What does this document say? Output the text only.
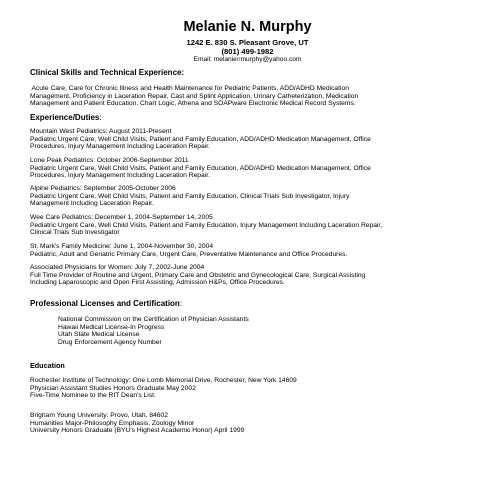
Melanie N. Murphy
1242 E. 830 S. Pleasant Grove, UT
(801) 499-1982
Email: melanienmurphy@yahoo.com
Clinical Skills and Technical Experience:
Acute Care, Care for Chronic Illness and Health Maintenance for Pediatric Patients, ADD/ADHD Medication
Management, Proficiency in Laceration Repair, Cast and Splint Application, Urinary Catheterization, Medication
Management and Patient Education. Chart Logic, Athena and SOAPware Electronic Medical Record Systems.
Experience/Duties:
Mountain West Pediatrics: August 2011-Present
Pediatric Urgent Care, Well Child Visits, Patient and Family Education, ADD/ADHD Medication Management, Office
Procedures, Injury Management Including Laceration Repair.
Lone Peak Pediatrics: October 2006-September 2011
Pediatric Urgent Care, Well Child Visits, Patient and Family Education, ADD/ADHD Medication Management, Office
Procedures, Injury Management Including Laceration Repair.
Alpine Pediatrics: September 2005-October 2006
Pediatric Urgent Care, Well Child Visits, Patient and Family Education, Clinical Trials Sub Investigator, Injury
Management Including Laceration Repair.
Wee Care Pediatrics: December 1, 2004-September 14, 2005
Pediatric Urgent Care, Well Child Visits, Patient and Family Education, Injury Management Including Laceration Repair,
Clinical Trials Sub Investigator
St. Mark's Family Medicine: June 1, 2004-November 30, 2004
Pediatric, Adult and Geriatric Primary Care, Urgent Care, Preventative Maintenance and Office Procedures.
Associated Physicians for Women: July 7, 2002-June 2004
Full Time Provider of Routine and Urgent, Primary Care and Obstetric and Gynecological Care, Surgical Assisting
Including Laparoscopic and Open First Assisting, Admission H&Ps, Office Procedures.
Professional Licenses and Certification:
National Commission on the Certification of Physician Assistants
Hawaii Medical License-In Progress
Utah State Medical License
Drug Enforcement Agency Number
Education
Rochester Institute of Technology: One Lomb Memorial Drive, Rochester, New York 14609
Physician Assistant Studies Honors Graduate May 2002
Five-Time Nominee to the RIT Dean's List.
Brigham Young University: Provo, Utah, 84602
Humanities Major-Philosophy Emphasis, Zoology Minor
University Honors Graduate (BYU's Highest Academic Honor) April 1999
